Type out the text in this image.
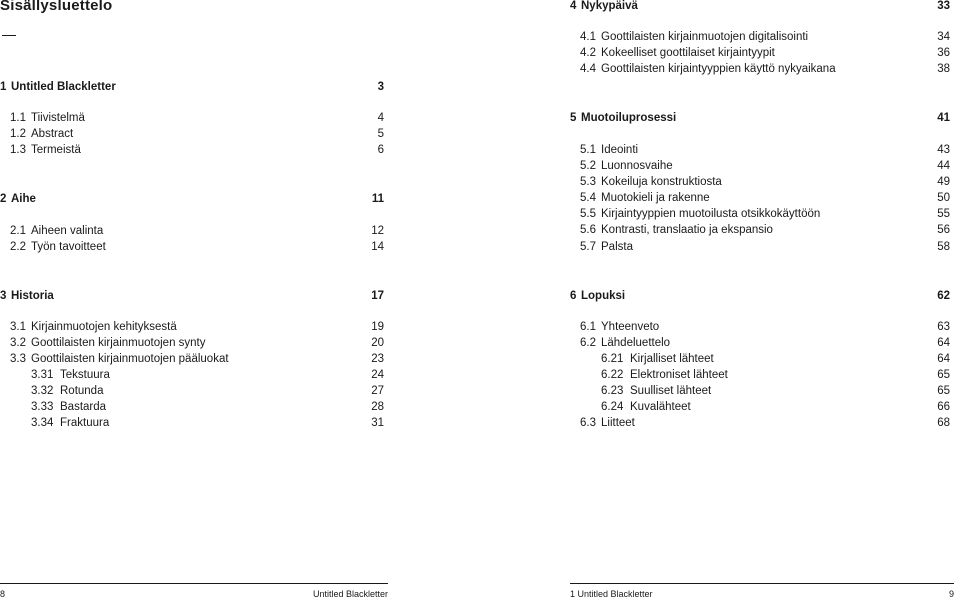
Sisällysluettelo
1 Untitled Blackletter	3
1.1 Tiivistelmä	4
1.2 Abstract	5
1.3 Termeistä	6
2 Aihe	11
2.1 Aiheen valinta	12
2.2 Työn tavoitteet	14
3 Historia	17
3.1 Kirjainmuotojen kehityksestä	19
3.2 Goottilaisten kirjainmuotojen synty	20
3.3 Goottilaisten kirjainmuotojen pääluokat	23
3.31 Tekstuura	24
3.32 Rotunda	27
3.33 Bastarda	28
3.34 Fraktuura	31
8	Untitled Blackletter
4 Nykypäivä	33
4.1 Goottilaisten kirjainmuotojen digitalisointi	34
4.2 Kokeelliset goottilaiset kirjaintyypit	36
4.4 Goottilaisten kirjaintyyppien käyttö nykyaikana	38
5 Muotoiluprosessi	41
5.1 Ideointi	43
5.2 Luonnosvaihe	44
5.3 Kokeiluja konstruktiosta	49
5.4 Muotokieli ja rakenne	50
5.5 Kirjaintyyppien muotoilusta otsikkokäyttöön	55
5.6 Kontrasti, translaatio ja ekspansio	56
5.7 Palsta	58
6 Lopuksi	62
6.1 Yhteenveto	63
6.2 Lähdeluettelo	64
6.21 Kirjalliset lähteet	64
6.22 Elektroniset lähteet	65
6.23 Suulliset lähteet	65
6.24 Kuvalähteet	66
6.3 Liitteet	68
1 Untitled Blackletter	9
